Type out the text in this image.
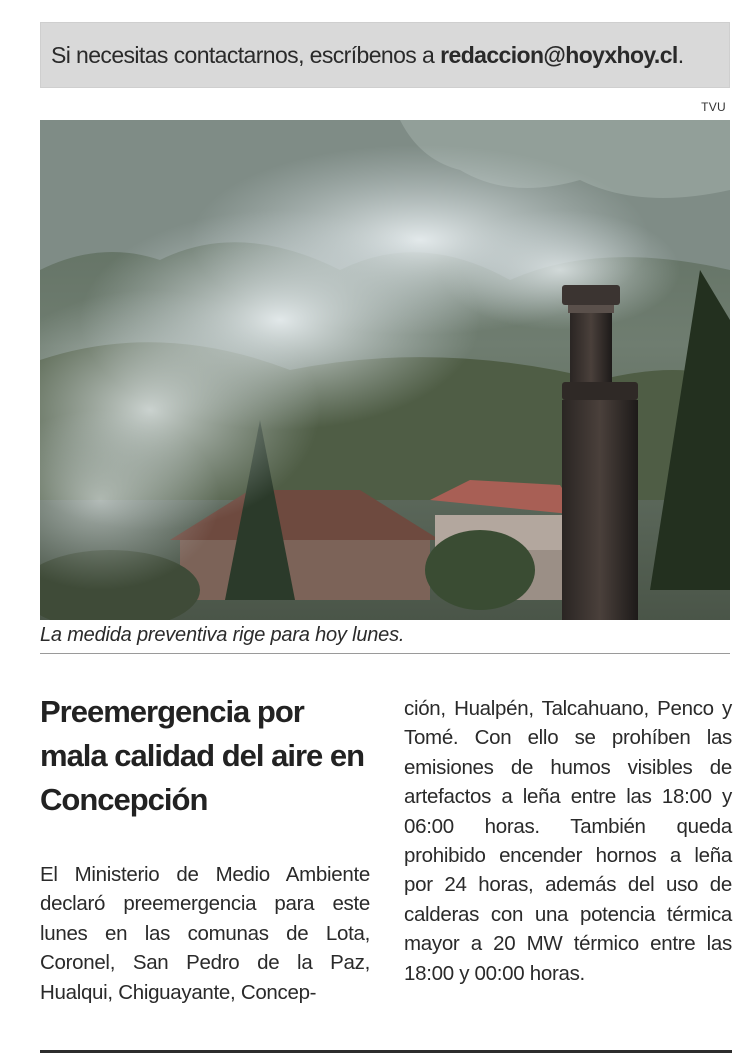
Si necesitas contactarnos, escríbenos a redaccion@hoyxhoy.cl .
TVU
La medida preventiva rige para hoy lunes.
Preemergencia por mala calidad del aire en Concepción

El Ministerio de Medio Ambiente declaró preemergencia para este lunes en las comunas de Lota, Coronel, San Pedro de la Paz, Hualqui, Chiguayante, Concep-

ción, Hualpén, Talcahuano, Penco y Tomé. Con ello se prohíben las emisiones de humos visibles de artefactos a leña entre las 18:00 y 06:00 horas. También queda prohibido encender hornos a leña por 24 horas, además del uso de calderas con una potencia térmica mayor a 20 MW térmico entre las 18:00 y 00:00 horas.
